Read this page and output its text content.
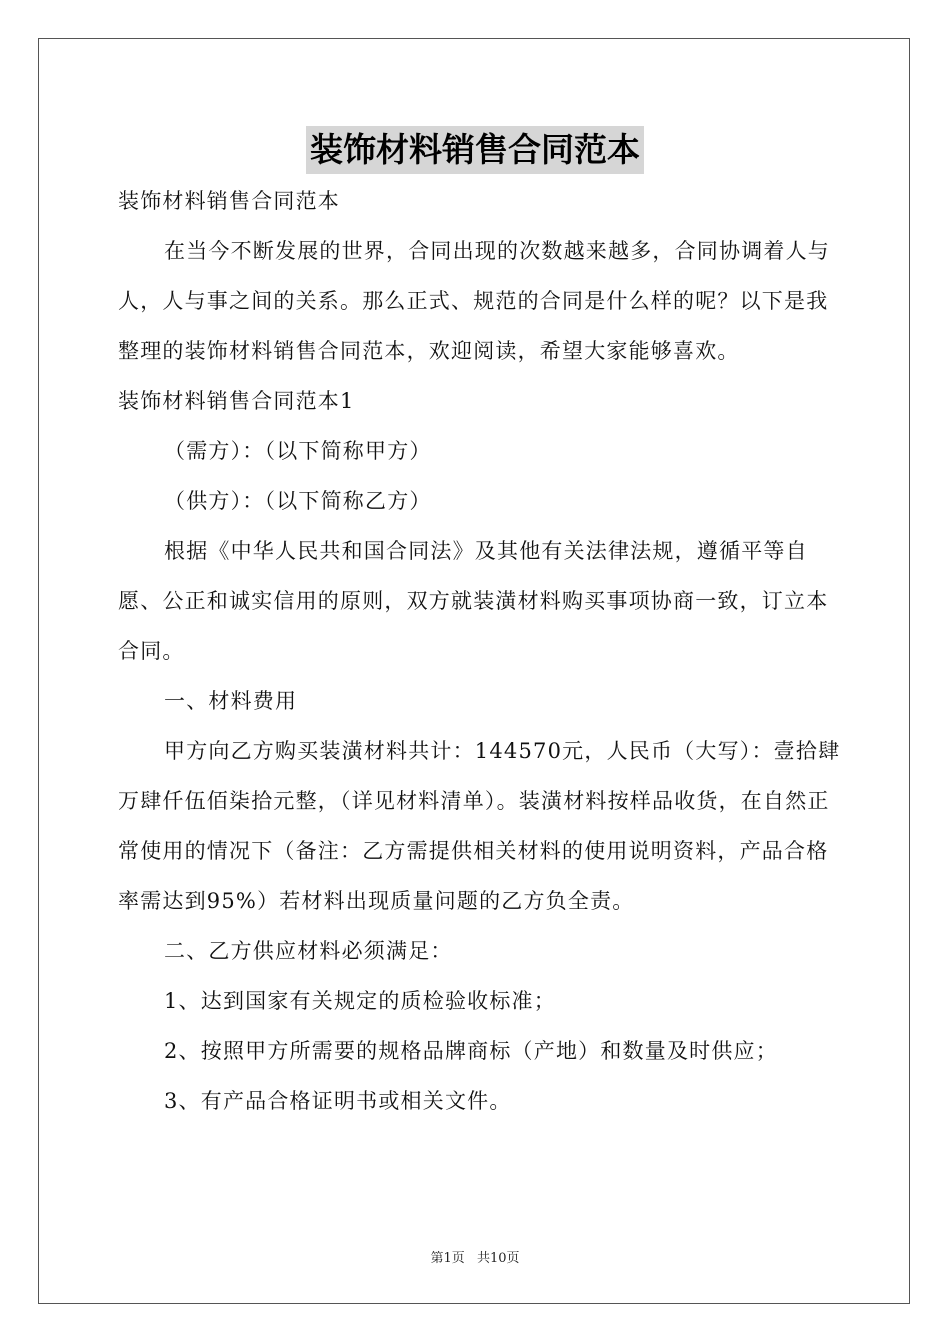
装饰材料销售合同范本

装饰材料销售合同范本

在当今不断发展的世界，合同出现的次数越来越多，合同协调着人与人，人与事之间的关系。那么正式、规范的合同是什么样的呢？以下是我整理的装饰材料销售合同范本，欢迎阅读，希望大家能够喜欢。

装饰材料销售合同范本1

（需方）：（以下简称甲方）

（供方）：（以下简称乙方）

根据《中华人民共和国合同法》及其他有关法律法规，遵循平等自愿、公正和诚实信用的原则，双方就装潢材料购买事项协商一致，订立本合同。

一、材料费用

甲方向乙方购买装潢材料共计：144570元，人民币（大写）：壹拾肆万肆仟伍佰柒拾元整，（详见材料清单）。装潢材料按样品收货，在自然正常使用的情况下（备注：乙方需提供相关材料的使用说明资料，产品合格率需达到95%）若材料出现质量问题的乙方负全责。

二、乙方供应材料必须满足：

1、达到国家有关规定的质检验收标准；

2、按照甲方所需要的规格品牌商标（产地）和数量及时供应；

3、有产品合格证明书或相关文件。

第1页 共10页
